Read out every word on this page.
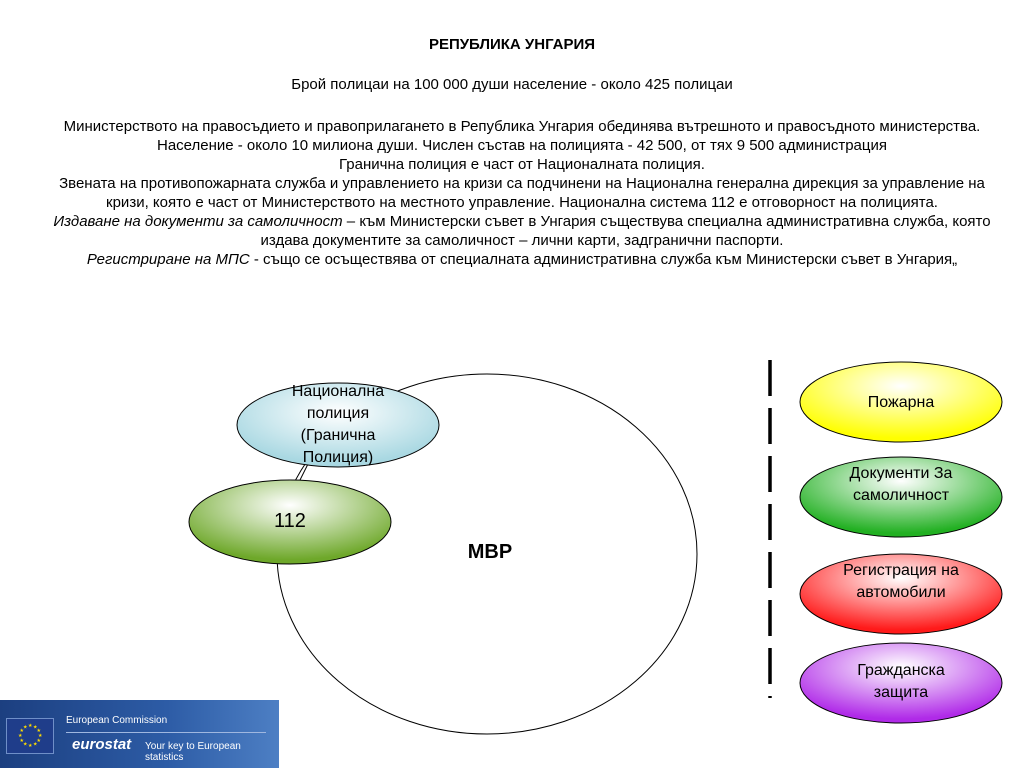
РЕПУБЛИКА УНГАРИЯ
Брой полицаи на 100 000 души население - около 425 полицаи

Министерството на правосъдието и правоприлагането в Република Унгария обединява вътрешното и правосъдното министерства.

Население - около 10 милиона души. Числен състав на полицията - 42 500, от тях 9 500 администрация

Гранична полиция е част от Националната полиция.

Звената на противопожарната служба и управлението на кризи са подчинени на Национална генерална дирекция за управление на кризи, която е част от Министерството на местното управление. Национална система 112 е отговорност на полицията.

Издаване на документи за самоличност – към Министерски съвет в Унгария съществува специална административна служба, която издава документите за самоличност – лични карти, задгранични паспорти.

Регистриране на МПС - също се осъществява от специалната административна служба към Министерски съвет в Унгария„

Национална полиция (Гранична Полиция)
112
МВР
Пожарна
Документи За самоличност
Регистрация на автомобили
Гражданска защита
★ ★
★
★
★
★
★
★
★
★
★
★
European Commission
eurostat Your key to European statistics
